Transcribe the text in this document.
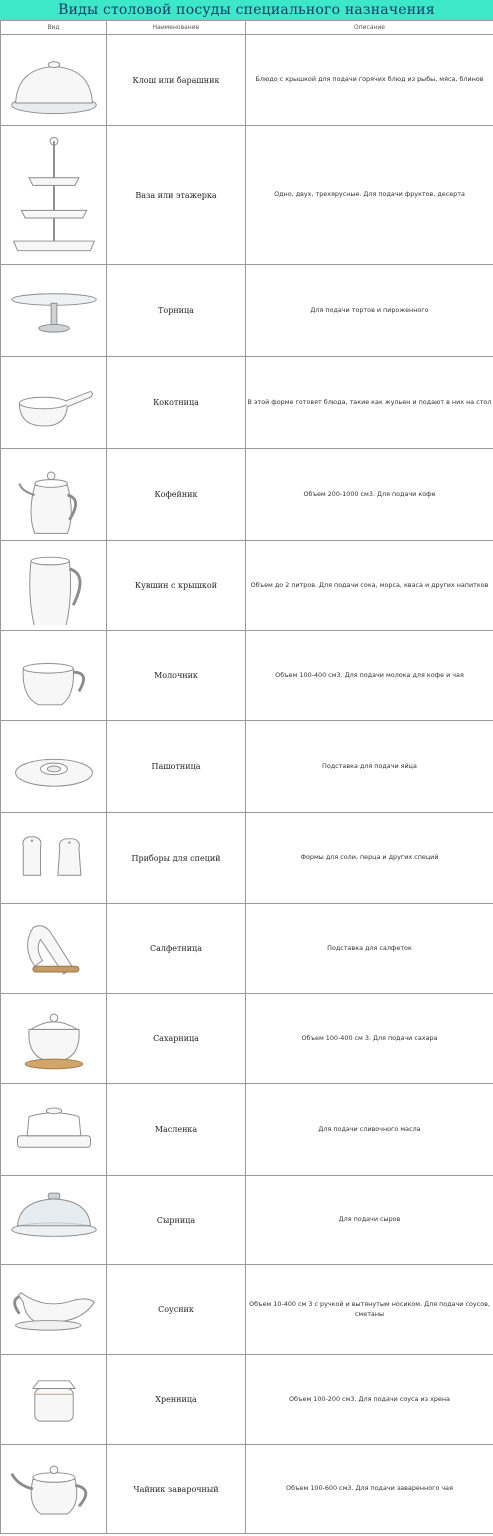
Виды столовой посуды специального назначения
Вид	Наименование	Описание

	Клош или барашник	Блюдо с крышкой для подачи горячих блюд из рыбы, мяса, блинов

	Ваза или этажерка	Одно, двух, трехярусные. Для подачи фруктов, десерта

	Торница	Для подачи тортов и пироженного

	Кокотница	В этой форме готовят блюда, такие как жульен и подают в них на стол

	Кофейник	Объем 200-1000 см3. Для подачи кофе

	Кувшин с крышкой	Объем до 2 литров. Для подачи сока, морса, кваса и других напитков

	Молочник	Объем 100-400 см3. Для подачи молока для кофе и чая

	Пашотница	Подставка для подачи яйца

	Приборы для специй	Формы для соли, перца и других специй

	Салфетница	Подставка для салфеток

	Сахарница	Объем 100-400 см 3. Для подачи сахара

	Масленка	Для подачи сливочного масла

	Сырница	Для подачи сыров

	Соусник	Объем 10-400 см 3 с ручкой и вытянутым носиком. Для подачи соусов, сметаны

	Хренница	Объем 100-200 см3. Для подачи соуса из хрена

	Чайник заварочный	Объем 100-600 см3. Для подачи заваренного чая
